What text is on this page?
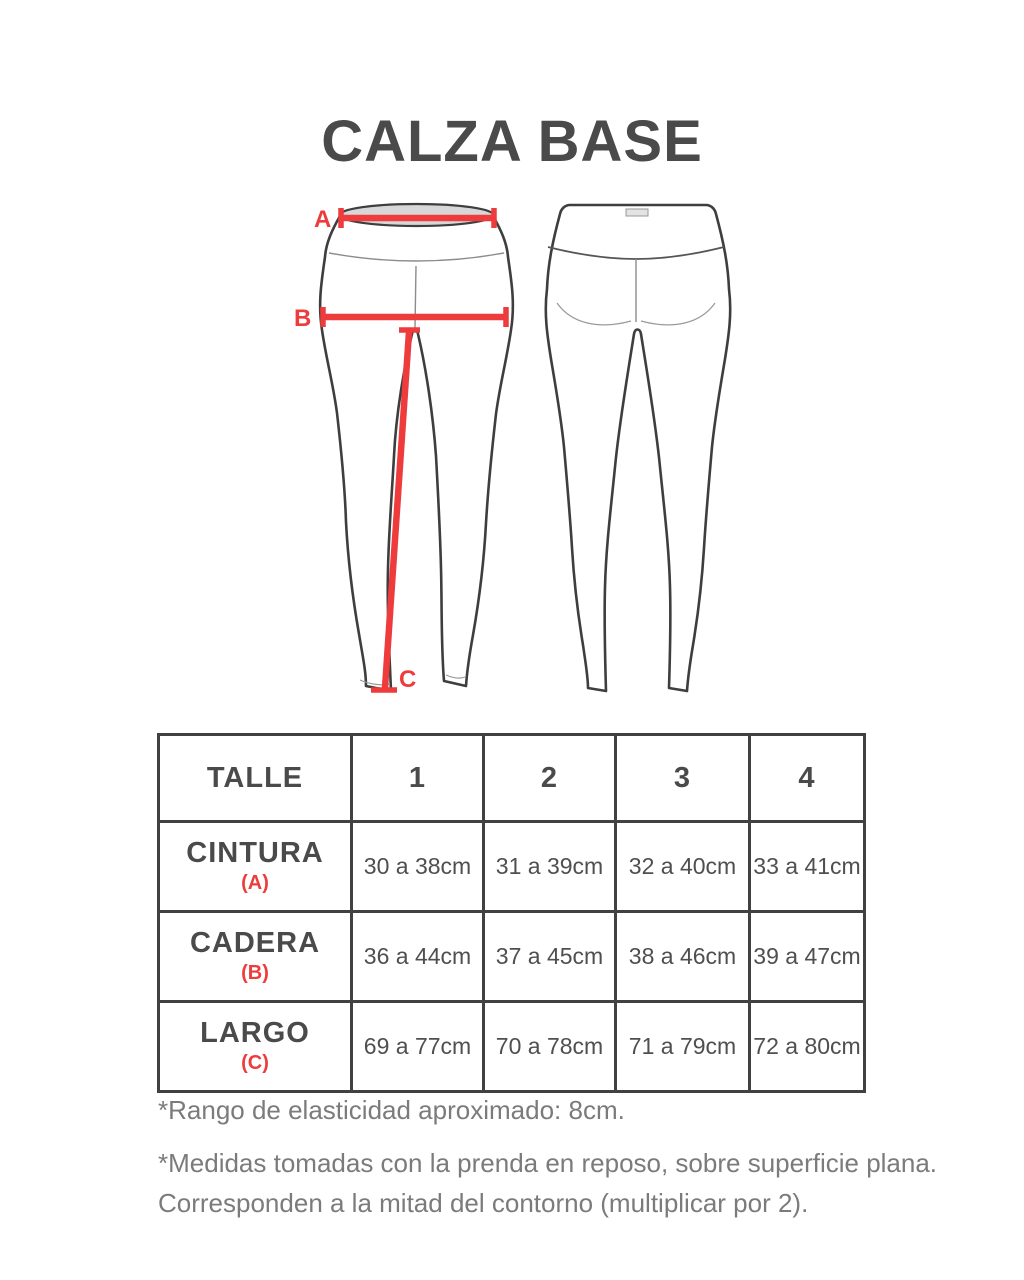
CALZA BASE
A
B
C
TALLE	1	2	3	4

CINTURA
(A)	30 a 38cm	31 a 39cm	32 a 40cm	33 a 41cm

CADERA
(B)	36 a 44cm	37 a 45cm	38 a 46cm	39 a 47cm

LARGO
(C)	69 a 77cm	70 a 78cm	71 a 79cm	72 a 80cm
*Rango de elasticidad aproximado: 8cm.
*Medidas tomadas con la prenda en reposo, sobre superficie plana.
Corresponden a la mitad del contorno (multiplicar por 2).
